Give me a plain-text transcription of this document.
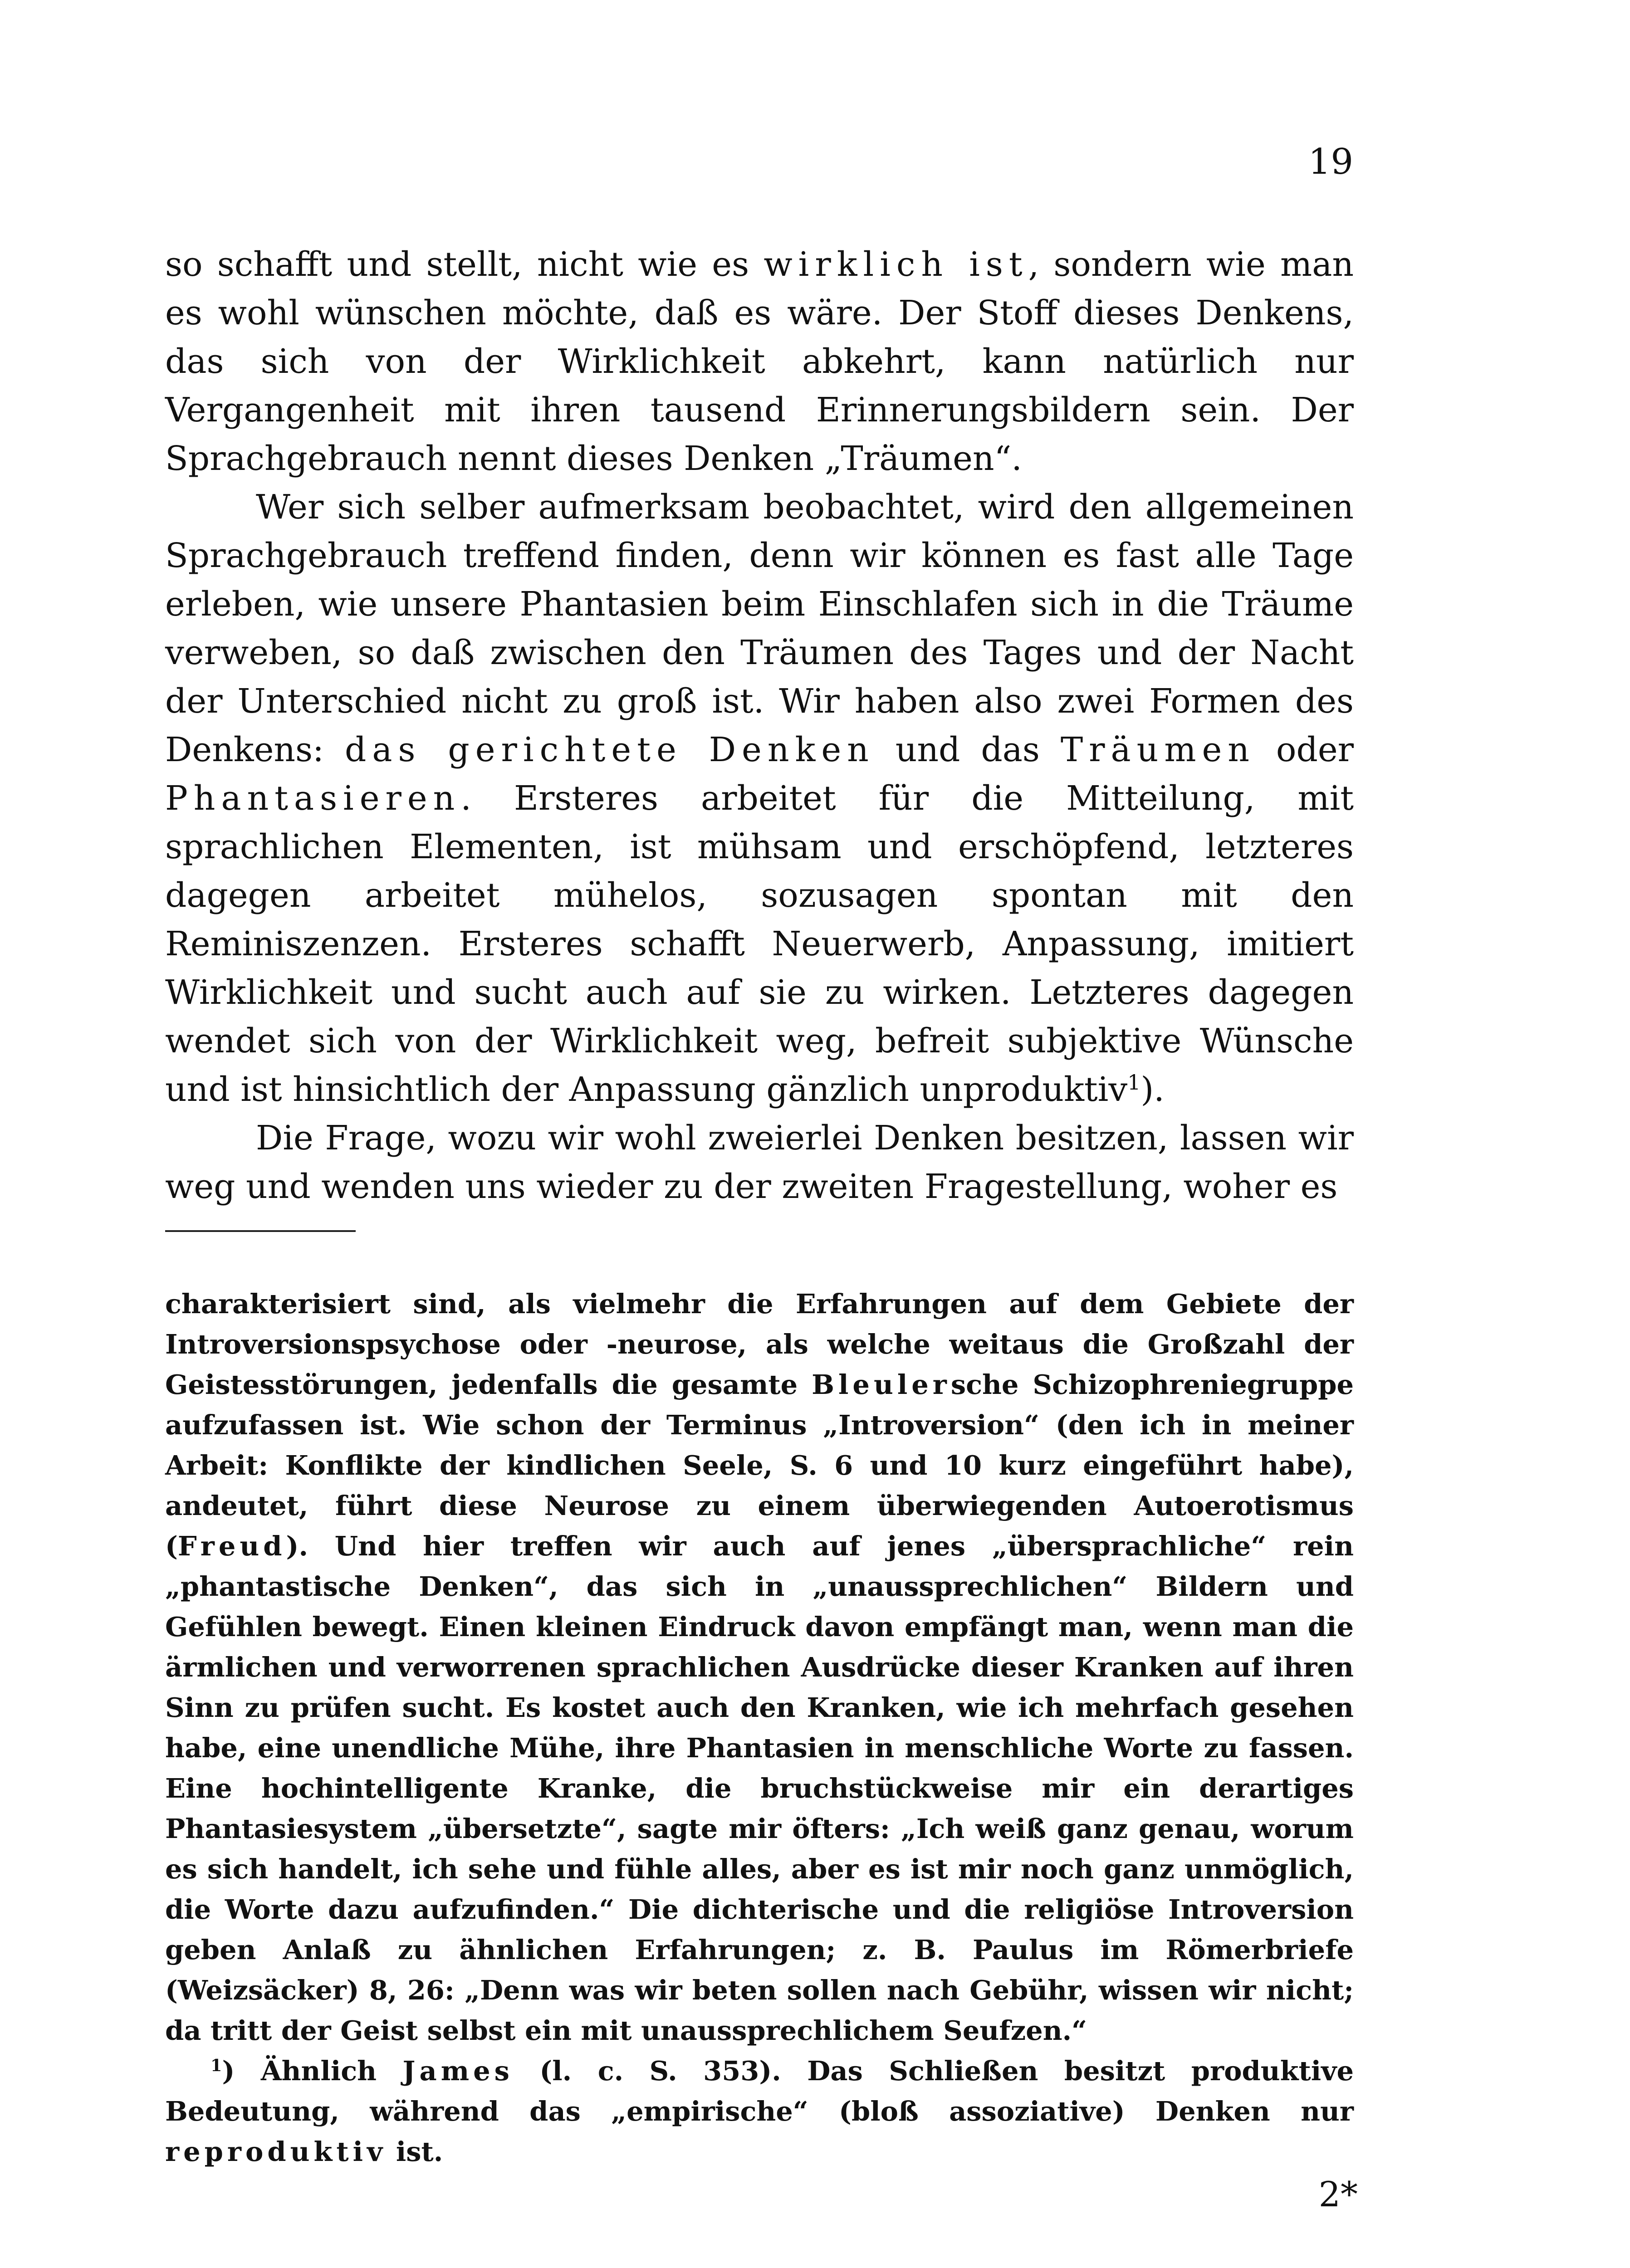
19

so schafft und stellt, nicht wie es wirklich ist, sondern wie man es wohl wünschen möchte, daß es wäre. Der Stoff dieses Denkens, das sich von der Wirklichkeit abkehrt, kann natürlich nur Vergangenheit mit ihren tausend Erinnerungsbildern sein. Der Sprachgebrauch nennt dieses Denken „Träumen“.

Wer sich selber aufmerksam beobachtet, wird den allgemeinen Sprachgebrauch treffend finden, denn wir können es fast alle Tage erleben, wie unsere Phantasien beim Einschlafen sich in die Träume verweben, so daß zwischen den Träumen des Tages und der Nacht der Unterschied nicht zu groß ist. Wir haben also zwei Formen des Denkens: das gerichtete Denken und das Träumen oder Phantasieren. Ersteres arbeitet für die Mitteilung, mit sprachlichen Elementen, ist mühsam und erschöpfend, letzteres dagegen arbeitet mühelos, sozusagen spontan mit den Reminiszenzen. Ersteres schafft Neuerwerb, Anpassung, imitiert Wirklichkeit und sucht auch auf sie zu wirken. Letzteres dagegen wendet sich von der Wirklichkeit weg, befreit subjektive Wünsche und ist hinsichtlich der Anpassung gänzlich unproduktiv$^1$).

Die Frage, wozu wir wohl zweierlei Denken besitzen, lassen wir weg und wenden uns wieder zu der zweiten Fragestellung, woher es

charakterisiert sind, als vielmehr die Erfahrungen auf dem Gebiete der Introversionspsychose oder -neurose, als welche weitaus die Großzahl der Geistesstörungen, jedenfalls die gesamte Bleulersche Schizophreniegruppe aufzufassen ist. Wie schon der Terminus „Introversion“ (den ich in meiner Arbeit: Konflikte der kindlichen Seele, S. 6 und 10 kurz eingeführt habe), andeutet, führt diese Neurose zu einem überwiegenden Autoerotismus (Freud). Und hier treffen wir auch auf jenes „übersprachliche“ rein „phantastische Denken“, das sich in „unaussprechlichen“ Bildern und Gefühlen bewegt. Einen kleinen Eindruck davon empfängt man, wenn man die ärmlichen und verworrenen sprachlichen Ausdrücke dieser Kranken auf ihren Sinn zu prüfen sucht. Es kostet auch den Kranken, wie ich mehrfach gesehen habe, eine unendliche Mühe, ihre Phantasien in menschliche Worte zu fassen. Eine hochintelligente Kranke, die bruchstückweise mir ein derartiges Phantasiesystem „übersetzte“, sagte mir öfters: „Ich weiß ganz genau, worum es sich handelt, ich sehe und fühle alles, aber es ist mir noch ganz unmöglich, die Worte dazu aufzufinden.“ Die dichterische und die religiöse Introversion geben Anlaß zu ähnlichen Erfahrungen; z. B. Paulus im Römerbriefe (Weizsäcker) 8, 26: „Denn was wir beten sollen nach Gebühr, wissen wir nicht; da tritt der Geist selbst ein mit unaussprechlichem Seufzen.“

$^1$) Ähnlich James (l. c. S. 353). Das Schließen besitzt produktive Bedeutung, während das „empirische“ (bloß assoziative) Denken nur reproduktiv ist.

2*
